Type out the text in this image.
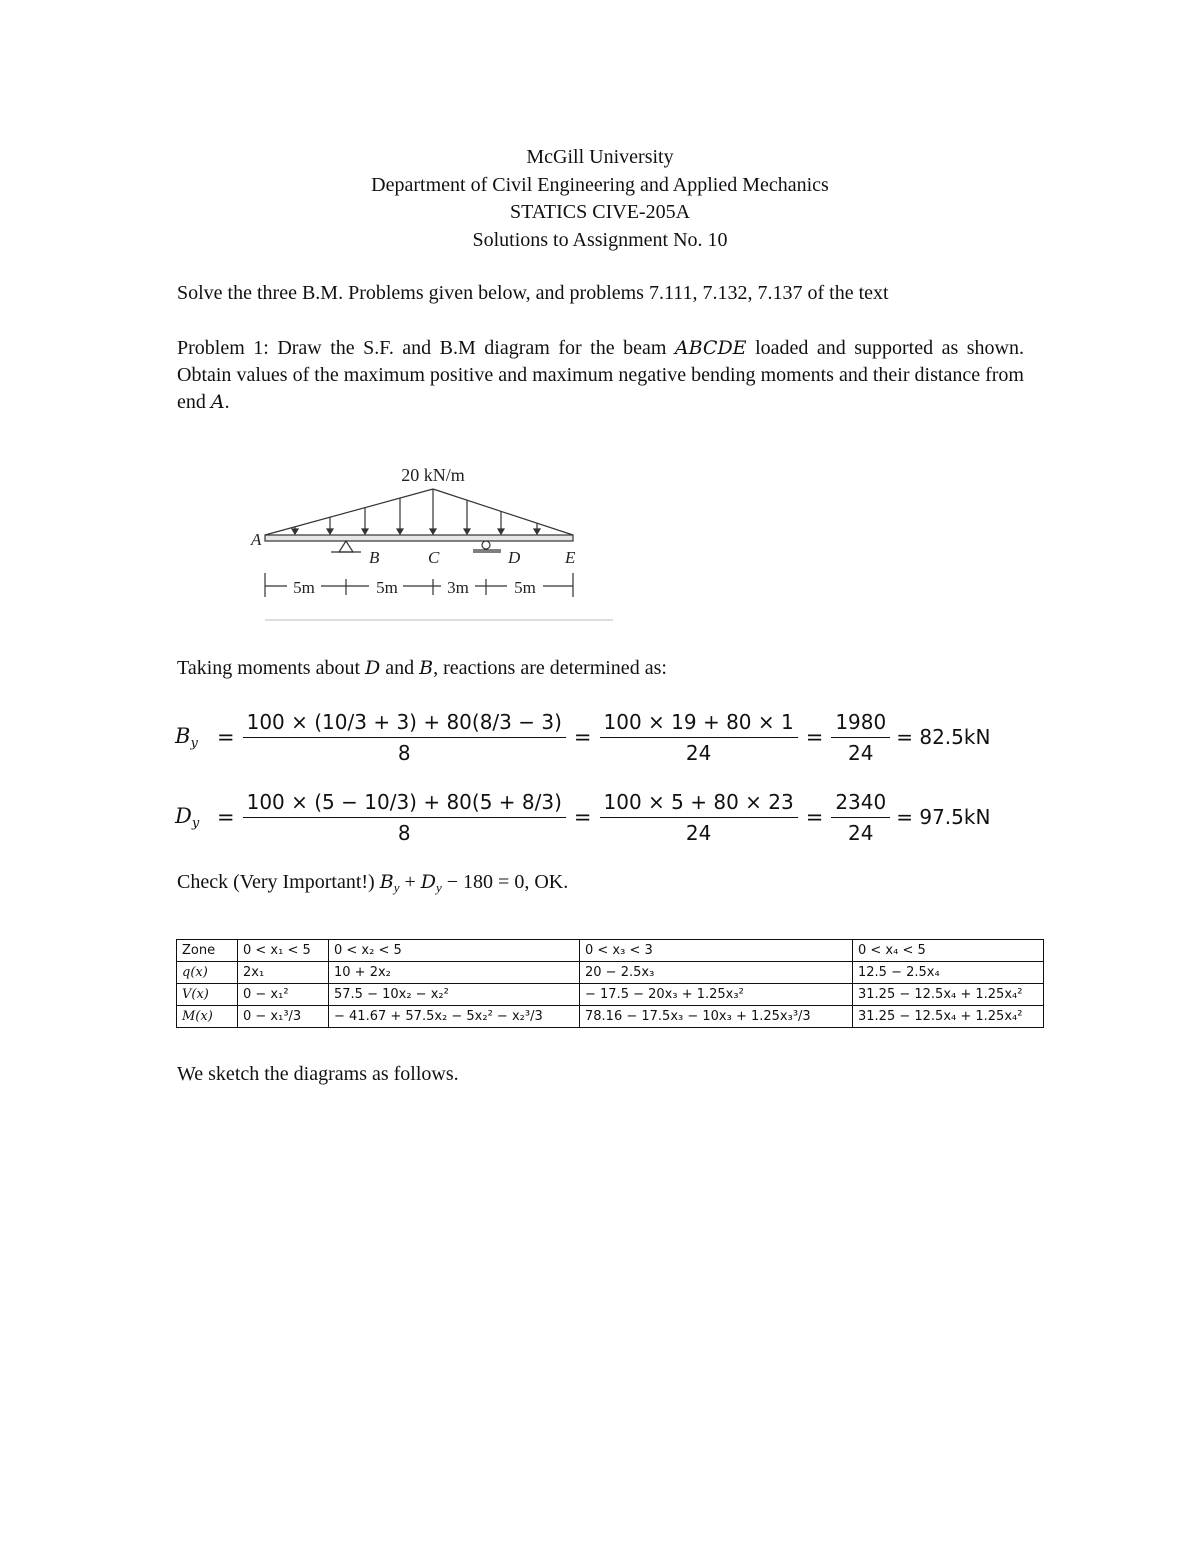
McGill University
Department of Civil Engineering and Applied Mechanics
STATICS CIVE-205A
Solutions to Assignment No. 10
Solve the three B.M. Problems given below, and problems 7.111, 7.132, 7.137 of the text
Problem 1: Draw the S.F. and B.M diagram for the beam ABCDE loaded and supported as shown. Obtain values of the maximum positive and maximum negative bending moments and their distance from end A.
20 kN/m
A
B	C	D	E
5m	5m	3m	5m
Taking moments about D and B, reactions are determined as:
$B_y = \frac{100 \times (10/3 + 3) + 80(8/3 - 3)}{8} = \frac{100 \times 19 + 80 \times 1}{24} = \frac{1980}{24} = 82.5kN$
$D_y = \frac{100 \times (5 - 10/3) + 80(5 + 8/3)}{8} = \frac{100 \times 5 + 80 \times 23}{24} = \frac{2340}{24} = 97.5kN$
Check (Very Important!) $B_y + D_y - 180 = 0$, OK.
Zone	0 < x₁ < 5	0 < x₂ < 5	0 < x₃ < 3	0 < x₄ < 5
q(x)	2x₁	10 + 2x₂	20 − 2.5x₃	12.5 − 2.5x₄
V(x)	0 − x₁²	57.5 − 10x₂ − x₂²	− 17.5 − 20x₃ + 1.25x₃²	31.25 − 12.5x₄ + 1.25x₄²
M(x)	0 − x₁³/3	− 41.67 + 57.5x₂ − 5x₂² − x₂³/3	78.16 − 17.5x₃ − 10x₃ + 1.25x₃³/3	31.25 − 12.5x₄ + 1.25x₄²
We sketch the diagrams as follows.
